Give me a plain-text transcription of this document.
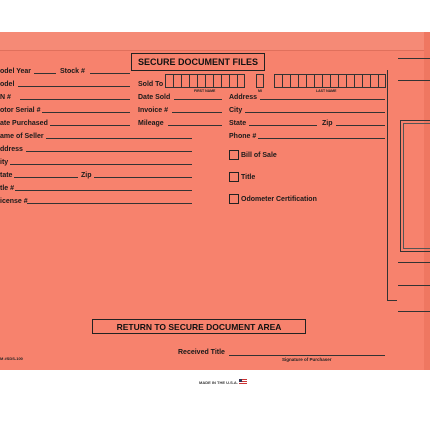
SECURE DOCUMENT FILES
odel Year	Stock #
odel
N #
otor Serial #
ate Purchased
ame of Seller
ddress
ity
tate	Zip
tle #
icense #
Sold To
FIRST NAME	MI	LAST NAME
Date Sold	Address
Invoice #	City
Mileage	State	Zip
Phone #
Bill of Sale
Title
Odometer Certification
RETURN TO SECURE DOCUMENT AREA
Received Title
Signature of Purchaser
M #SDS-100
MADE IN THE U.S.A.
